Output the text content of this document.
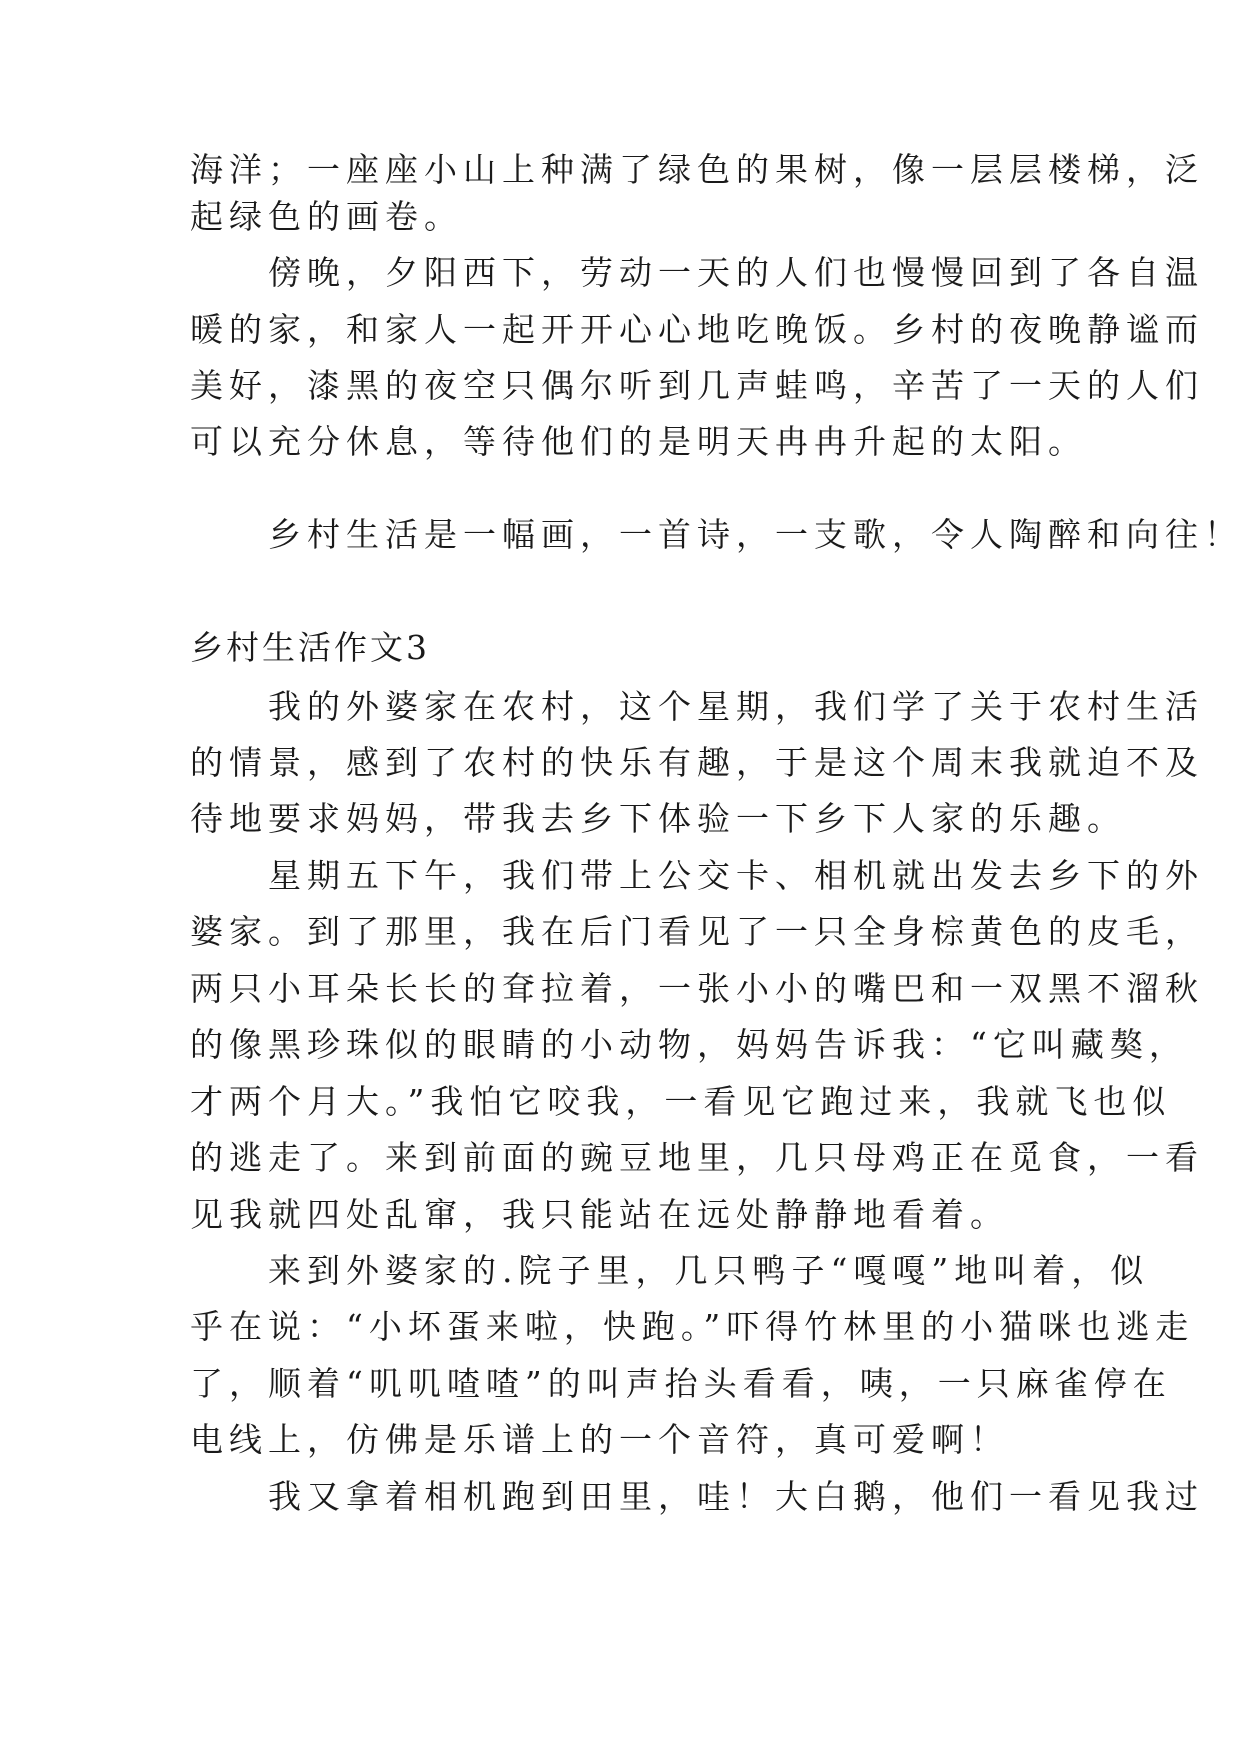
海洋；一座座小山上种满了绿色的果树，像一层层楼梯，泛
起绿色的画卷。
　　傍晚，夕阳西下，劳动一天的人们也慢慢回到了各自温
暖的家，和家人一起开开心心地吃晚饭。乡村的夜晚静谧而
美好，漆黑的夜空只偶尔听到几声蛙鸣，辛苦了一天的人们
可以充分休息，等待他们的是明天冉冉升起的太阳。
　　乡村生活是一幅画，一首诗，一支歌，令人陶醉和向往！
乡村生活作文3
　　我的外婆家在农村，这个星期，我们学了关于农村生活
的情景，感到了农村的快乐有趣，于是这个周末我就迫不及
待地要求妈妈，带我去乡下体验一下乡下人家的乐趣。
　　星期五下午，我们带上公交卡、相机就出发去乡下的外
婆家。到了那里，我在后门看见了一只全身棕黄色的皮毛，
两只小耳朵长长的耷拉着，一张小小的嘴巴和一双黑不溜秋
的像黑珍珠似的眼睛的小动物，妈妈告诉我：“它叫藏獒，
才两个月大。”我怕它咬我，一看见它跑过来，我就飞也似
的逃走了。来到前面的豌豆地里，几只母鸡正在觅食，一看
见我就四处乱窜，我只能站在远处静静地看着。
　　来到外婆家的.院子里，几只鸭子“嘎嘎”地叫着，似
乎在说：“小坏蛋来啦，快跑。”吓得竹林里的小猫咪也逃走
了，顺着“叽叽喳喳”的叫声抬头看看，咦，一只麻雀停在
电线上，仿佛是乐谱上的一个音符，真可爱啊！
　　我又拿着相机跑到田里，哇！大白鹅，他们一看见我过
